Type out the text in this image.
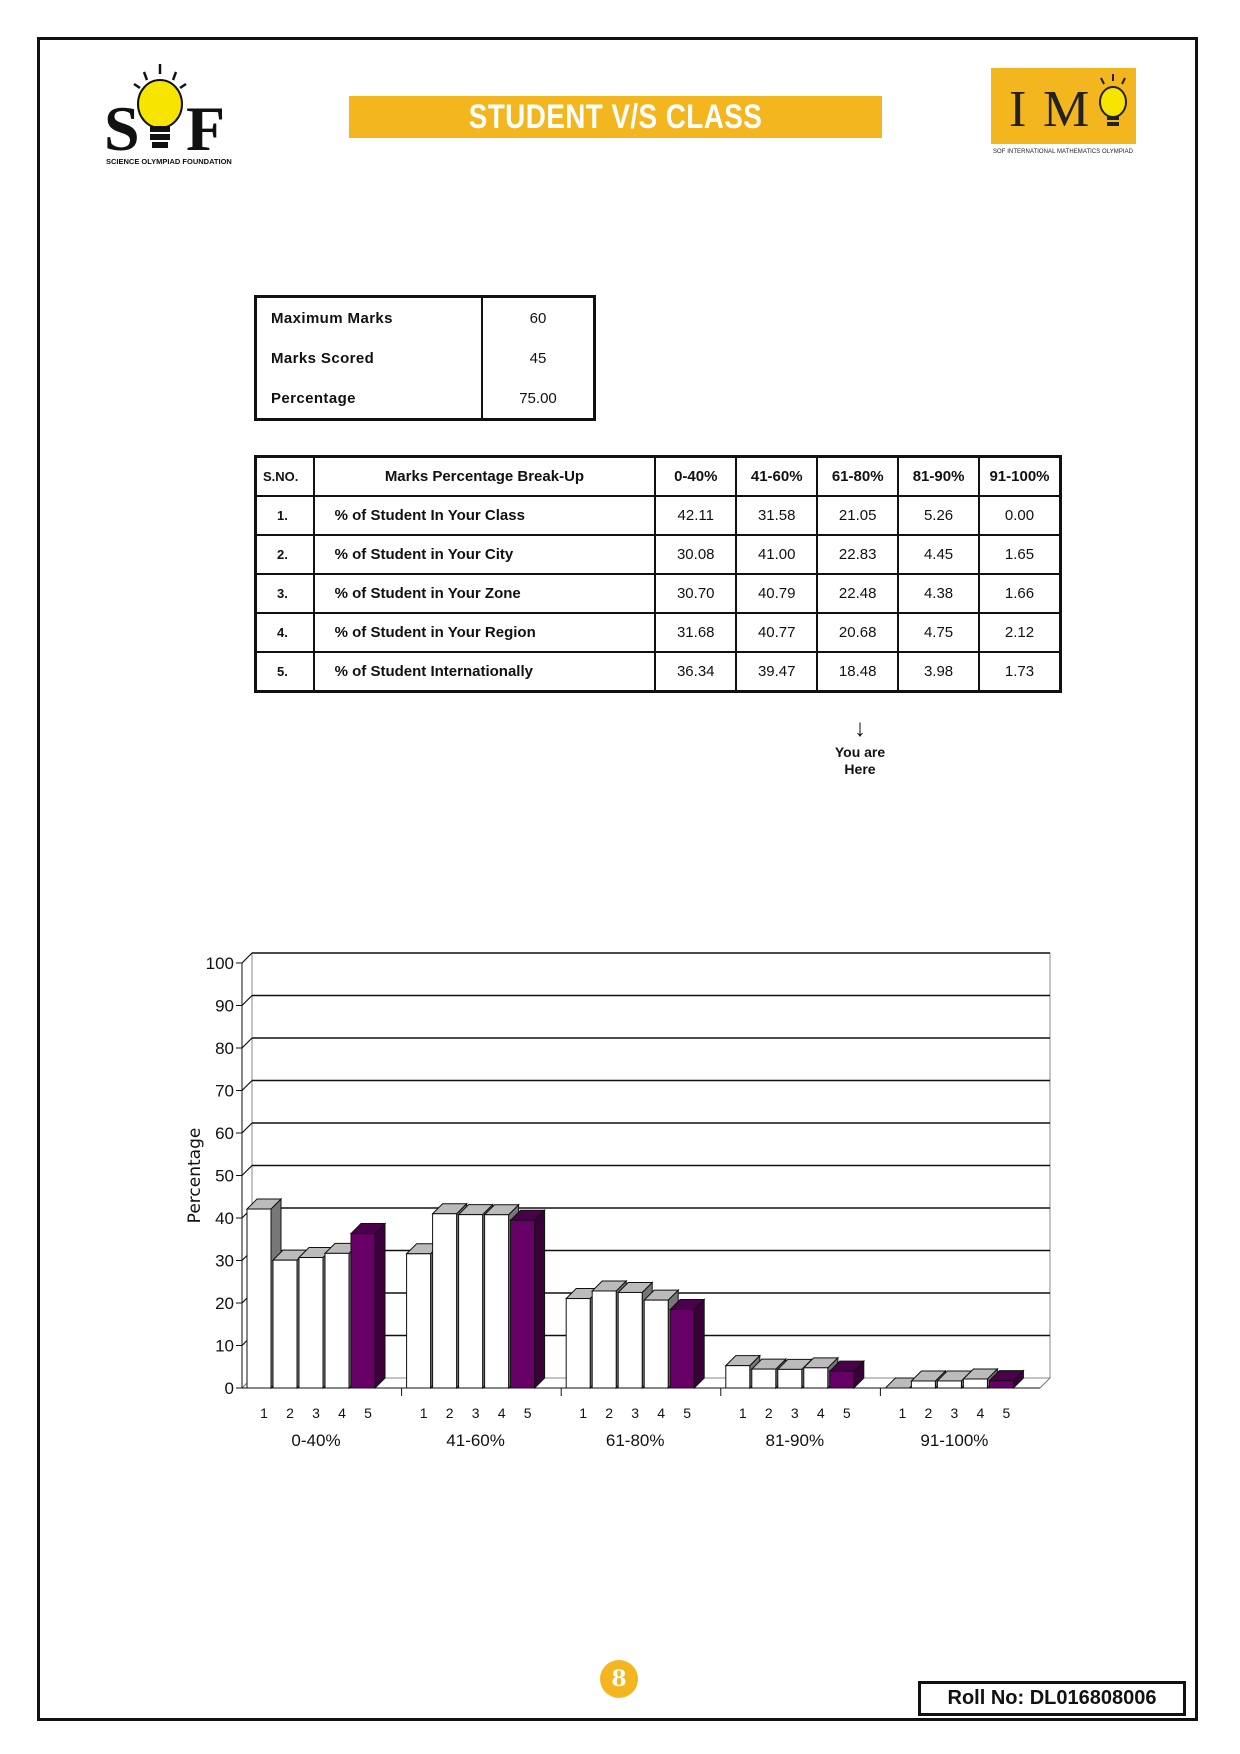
S F
SCIENCE OLYMPIAD FOUNDATION
STUDENT V/S CLASS PERFORMANCE
I M
SOF INTERNATIONAL MATHEMATICS OLYMPIAD
Maximum Marks	60
Marks Scored	45
Percentage	75.00
S.NO.	Marks Percentage Break-Up	0-40%	41-60%	61-80%	81-90%	91-100%
1.	% of Student In Your Class	42.11	31.58	21.05	5.26	0.00
2.	% of Student in Your City	30.08	41.00	22.83	4.45	1.65
3.	% of Student in Your Zone	30.70	40.79	22.48	4.38	1.66
4.	% of Student in Your Region	31.68	40.77	20.68	4.75	2.12
5.	% of Student Internationally	36.34	39.47	18.48	3.98	1.73
↓
You are
Here
0
10
20
30
40
50
60
70
80
90
100
Percentage
1 2 3 4 5
0-40%
1 2 3 4 5
41-60%
1 2 3 4 5
61-80%
1 2 3 4 5
81-90%
1 2 3 4 5
91-100%
8
Roll No: DL016808006
